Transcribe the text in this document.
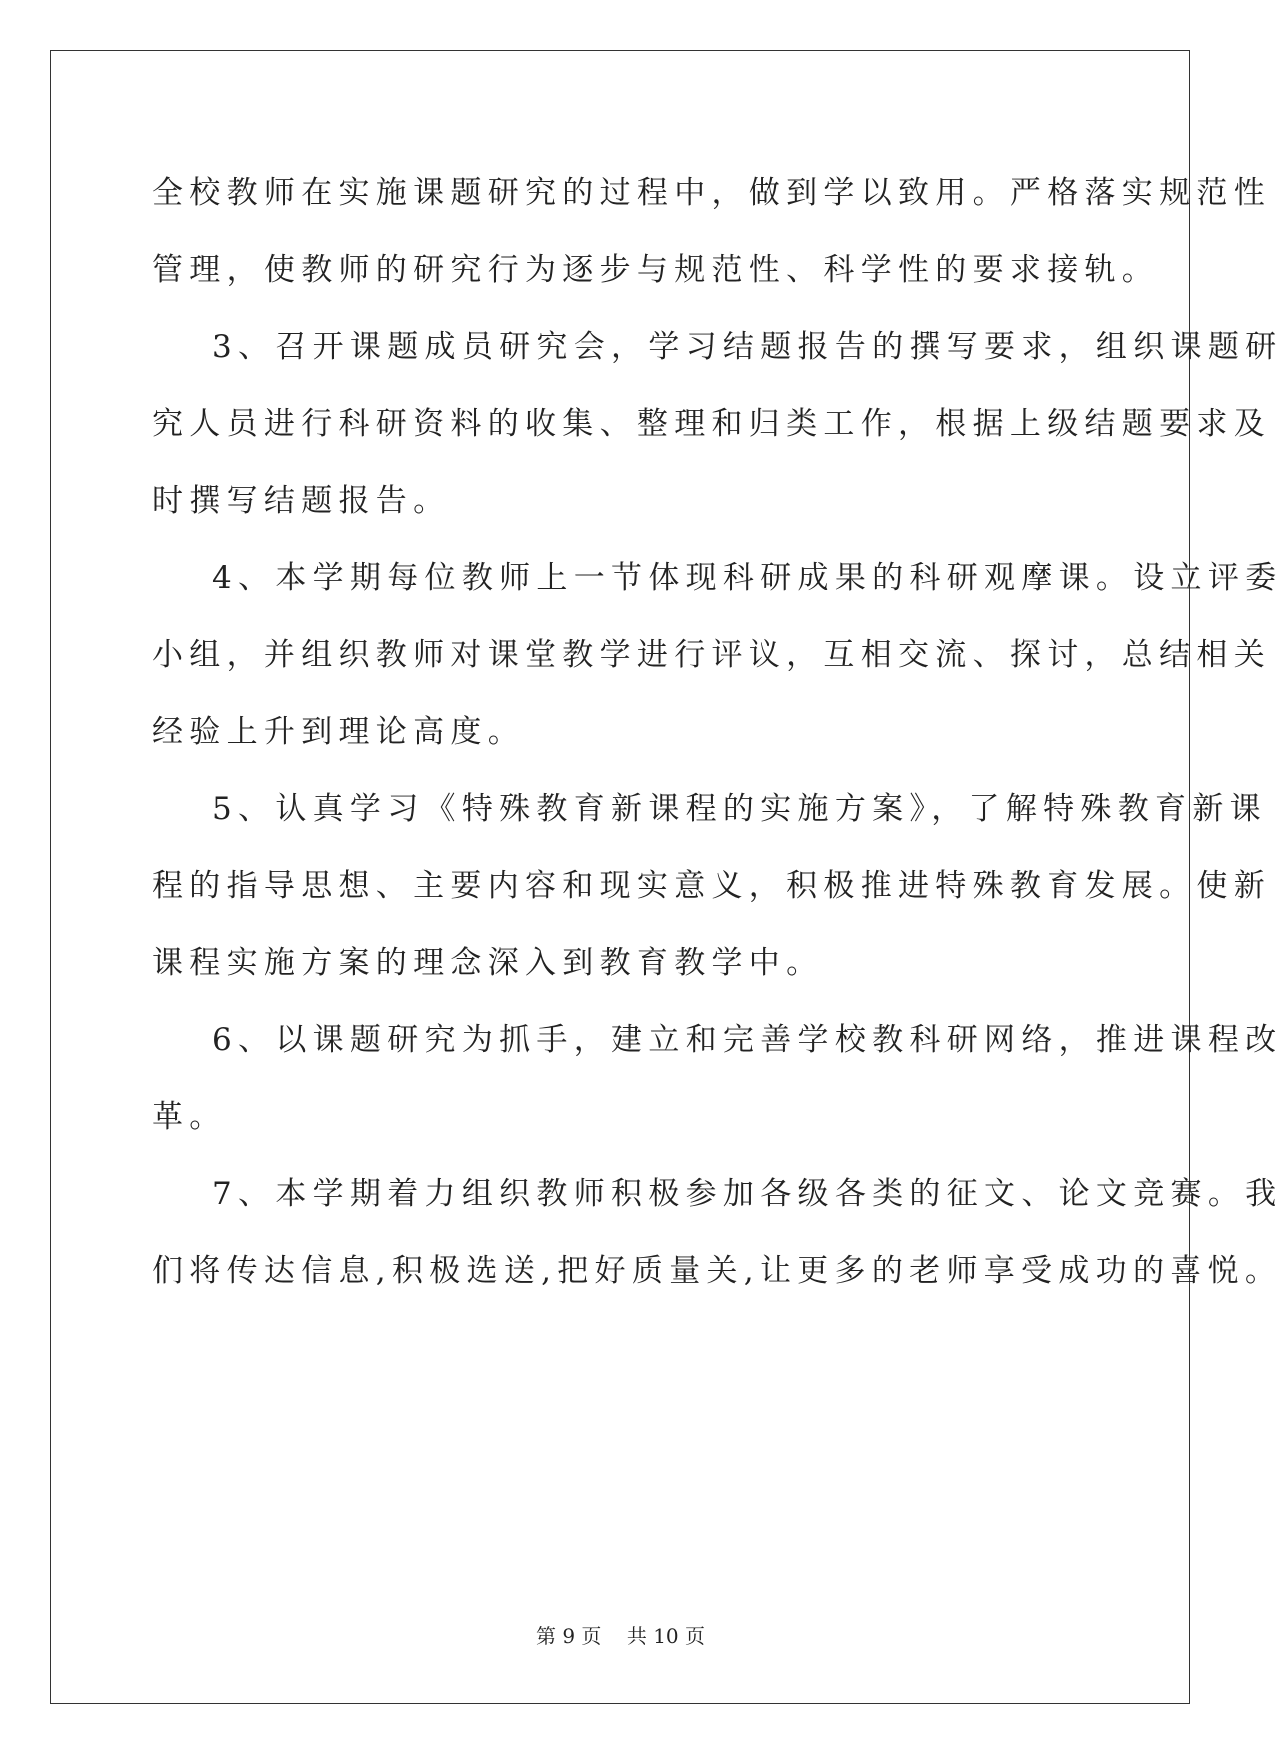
全校教师在实施课题研究的过程中，做到学以致用。严格落实规范性
管理，使教师的研究行为逐步与规范性、科学性的要求接轨。
3、召开课题成员研究会，学习结题报告的撰写要求，组织课题研
究人员进行科研资料的收集、整理和归类工作，根据上级结题要求及
时撰写结题报告。
4、本学期每位教师上一节体现科研成果的科研观摩课。设立评委
小组，并组织教师对课堂教学进行评议，互相交流、探讨，总结相关
经验上升到理论高度。
5、认真学习《特殊教育新课程的实施方案》，了解特殊教育新课
程的指导思想、主要内容和现实意义，积极推进特殊教育发展。使新
课程实施方案的理念深入到教育教学中。
6、以课题研究为抓手，建立和完善学校教科研网络，推进课程改
革。
7、本学期着力组织教师积极参加各级各类的征文、论文竞赛。我
们将传达信息,积极选送,把好质量关,让更多的老师享受成功的喜悦。
第 9 页    共 10 页
